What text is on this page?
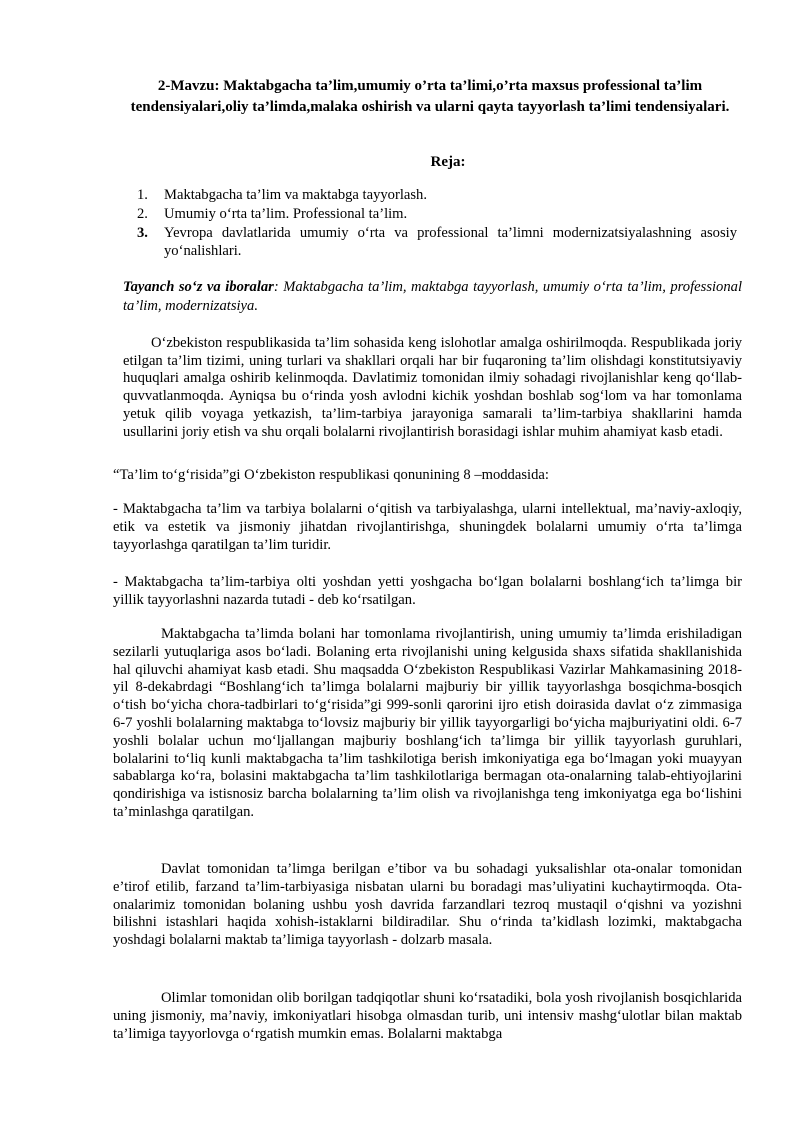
2-Mavzu: Maktabgacha ta’lim,umumiy o’rta ta’limi,o’rta maxsus professional ta’lim tendensiyalari,oliy ta’limda,malaka oshirish va ularni qayta tayyorlash ta’limi tendensiyalari.
Reja:
1.	Maktabgacha ta’lim va maktabga tayyorlash.
2.	Umumiy o‘rta ta’lim. Professional ta’lim.
3.	Yevropa davlatlarida umumiy o‘rta va professional ta’limni modernizatsiyalashning asosiy yo‘nalishlari.
Tayanch so‘z va iboralar: Maktabgacha ta’lim, maktabga tayyorlash, umumiy o‘rta ta’lim, professional ta’lim, modernizatsiya.

O‘zbekiston respublikasida ta’lim sohasida keng islohotlar amalga oshirilmoqda. Respublikada joriy etilgan ta’lim tizimi, uning turlari va shakllari orqali har bir fuqaroning ta’lim olishdagi konstitutsiyaviy huquqlari amalga oshirib kelinmoqda. Davlatimiz tomonidan ilmiy sohadagi rivojlanishlar keng qo‘llab-quvvatlanmoqda. Ayniqsa bu o‘rinda yosh avlodni kichik yoshdan boshlab sog‘lom va har tomonlama yetuk qilib voyaga yetkazish, ta’lim-tarbiya jarayoniga samarali ta’lim-tarbiya shakllarini hamda usullarini joriy etish va shu orqali bolalarni rivojlantirish borasidagi ishlar muhim ahamiyat kasb etadi.

“Ta’lim to‘g‘risida”gi O‘zbekiston respublikasi qonunining 8 –moddasida:

- Maktabgacha ta’lim va tarbiya bolalarni o‘qitish va tarbiyalashga, ularni intellektual, ma’naviy-axloqiy, etik va estetik va jismoniy jihatdan rivojlantirishga, shuningdek bolalarni umumiy o‘rta ta’limga tayyorlashga qaratilgan ta’lim turidir.

- Maktabgacha ta’lim-tarbiya olti yoshdan yetti yoshgacha bo‘lgan bolalarni boshlang‘ich ta’limga bir yillik tayyorlashni nazarda tutadi - deb ko‘rsatilgan.

Maktabgacha ta’limda bolani har tomonlama rivojlantirish, uning umumiy ta’limda erishiladigan sezilarli yutuqlariga asos bo‘ladi. Bolaning erta rivojlanishi uning kelgusida shaxs sifatida shakllanishida hal qiluvchi ahamiyat kasb etadi. Shu maqsadda O‘zbekiston Respublikasi Vazirlar Mahkamasining 2018-yil 8-dekabrdagi “Boshlang‘ich ta’limga bolalarni majburiy bir yillik tayyorlashga bosqichma-bosqich o‘tish bo‘yicha chora-tadbirlari to‘g‘risida”gi 999-sonli qarorini ijro etish doirasida davlat o‘z zimmasiga 6-7 yoshli bolalarning maktabga to‘lovsiz majburiy bir yillik tayyorgarligi bo‘yicha majburiyatini oldi. 6-7 yoshli bolalar uchun mo‘ljallangan majburiy boshlang‘ich ta’limga bir yillik tayyorlash guruhlari, bolalarini to‘liq kunli maktabgacha ta’lim tashkilotiga berish imkoniyatiga ega bo‘lmagan yoki muayyan sabablarga ko‘ra, bolasini maktabgacha ta’lim tashkilotlariga bermagan ota-onalarning talab-ehtiyojlarini qondirishiga va istisnosiz barcha bolalarning ta’lim olish va rivojlanishga teng imkoniyatga ega bo‘lishini ta’minlashga qaratilgan.

Davlat tomonidan ta’limga berilgan e’tibor va bu sohadagi yuksalishlar ota-onalar tomonidan e’tirof etilib, farzand ta’lim-tarbiyasiga nisbatan ularni bu boradagi mas’uliyatini kuchaytirmoqda. Ota-onalarimiz tomonidan bolaning ushbu yosh davrida farzandlari tezroq mustaqil o‘qishni va yozishni bilishni istashlari haqida xohish-istaklarni bildiradilar. Shu o‘rinda ta’kidlash lozimki, maktabgacha yoshdagi bolalarni maktab ta’limiga tayyorlash - dolzarb masala.

Olimlar tomonidan olib borilgan tadqiqotlar shuni ko‘rsatadiki, bola yosh rivojlanish bosqichlarida uning jismoniy, ma’naviy, imkoniyatlari hisobga olmasdan turib, uni intensiv mashg‘ulotlar bilan maktab ta’limiga tayyorlovga o‘rgatish mumkin emas. Bolalarni maktabga
